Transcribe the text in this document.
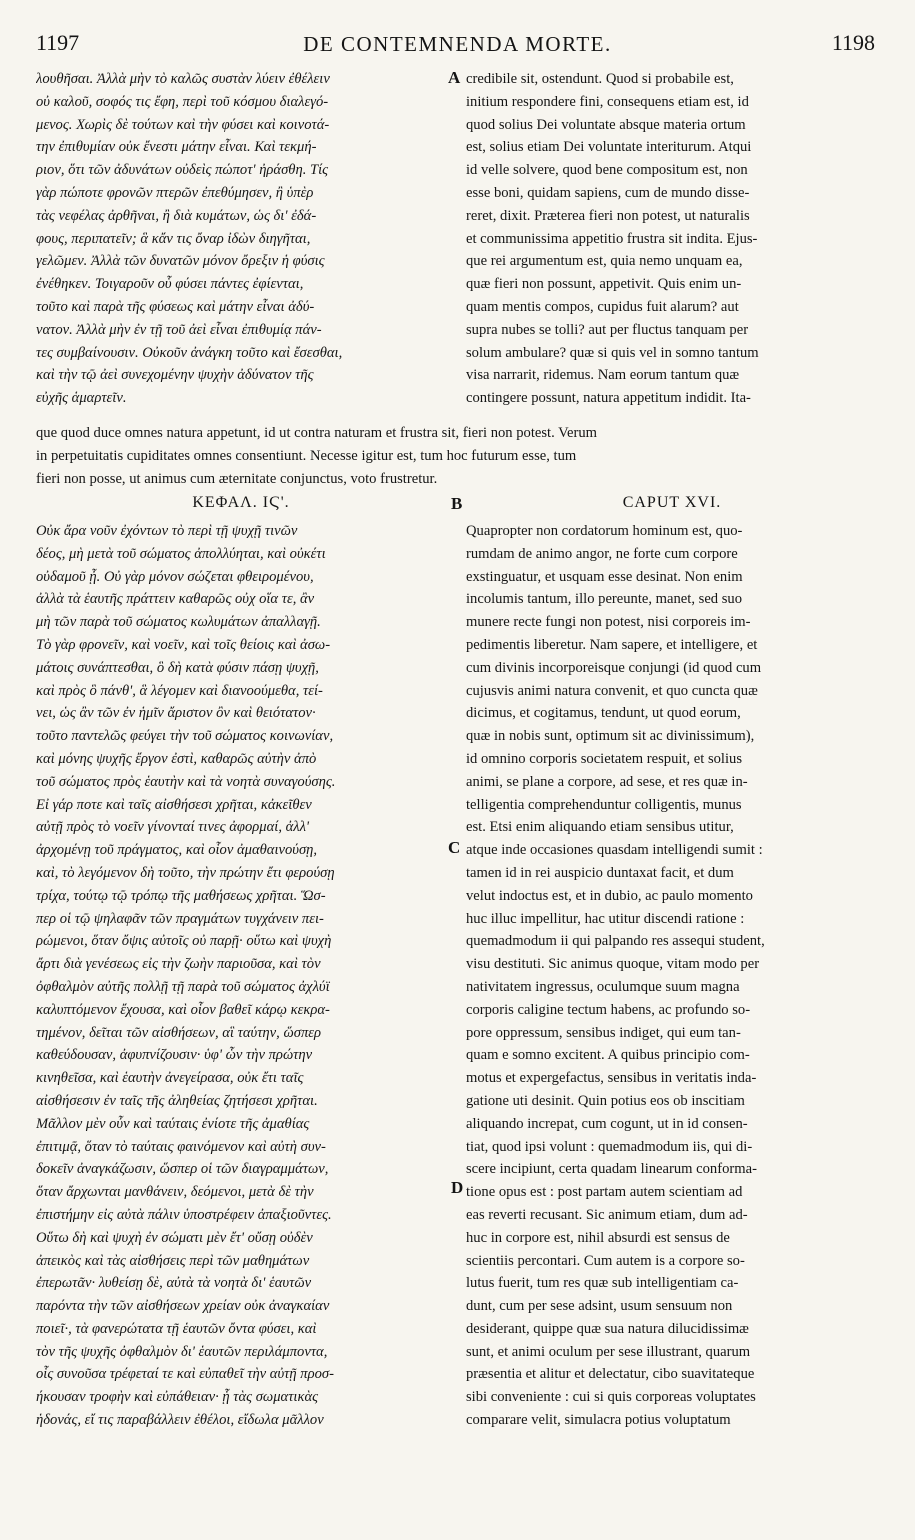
1197	DE CONTEMNENDA MORTE.	1198
λουθῆσαι. Ἀλλὰ μὴν τὸ καλῶς συστὰν λύειν ἐθέλειν
οὐ καλοῦ, σοφός τις ἔφη, περὶ τοῦ κόσμου διαλεγό-
μενος. Χωρὶς δὲ τούτων καὶ τὴν φύσει καὶ κοινοτά-
την ἐπιθυμίαν οὐκ ἔνεστι μάτην εἶναι. Καὶ τεκμή-
ριον, ὅτι τῶν ἀδυνάτων οὐδεὶς πώποτ' ἠράσθη. Τίς
γὰρ πώποτε φρονῶν πτερῶν ἐπεθύμησεν, ἢ ὑπὲρ
τὰς νεφέλας ἀρθῆναι, ἢ διὰ κυμάτων, ὡς δι' ἐδά-
φους, περιπατεῖν; ἃ κἄν τις ὄναρ ἰδὼν διηγῆται,
γελῶμεν. Ἀλλὰ τῶν δυνατῶν μόνον ὄρεξιν ἡ φύσις
ἐνέθηκεν. Τοιγαροῦν οὗ φύσει πάντες ἐφίενται,
τοῦτο καὶ παρὰ τῆς φύσεως καὶ μάτην εἶναι ἀδύ-
νατον. Ἀλλὰ μὴν ἐν τῇ τοῦ ἀεὶ εἶναι ἐπιθυμίᾳ πάν-
τες συμβαίνουσιν. Οὐκοῦν ἀνάγκη τοῦτο καὶ ἔσεσθαι,
καὶ τὴν τῷ ἀεὶ συνεχομένην ψυχὴν ἀδύνατον τῆς
εὐχῆς ἁμαρτεῖν.
credibile sit, ostendunt. Quod si probabile est,
initium respondere fini, consequens etiam est, id
quod solius Dei voluntate absque materia ortum
est, solius etiam Dei voluntate interiturum. Atqui
id velle solvere, quod bene compositum est, non
esse boni, quidam sapiens, cum de mundo disse-
reret, dixit. Præterea fieri non potest, ut naturalis
et communissima appetitio frustra sit indita. Ejus-
que rei argumentum est, quia nemo unquam ea,
quæ fieri non possunt, appetivit. Quis enim un-
quam mentis compos, cupidus fuit alarum? aut
supra nubes se tolli? aut per fluctus tanquam per
solum ambulare? quæ si quis vel in somno tantum
visa narrarit, ridemus. Nam eorum tantum quæ
contingere possunt, natura appetitum indidit. Ita-
que quod duce omnes natura appetunt, id ut contra naturam et frustra sit, fieri non potest. Verum
in perpetuitatis cupiditates omnes consentiunt. Necesse igitur est, tum hoc futurum esse, tum
fieri non posse, ut animus cum æternitate conjunctus, voto frustretur.
ΚΕΦΑΛ. ΙϚ'.	CAPUT XVI.
Οὐκ ἄρα νοῦν ἐχόντων τὸ περὶ τῇ ψυχῇ τινῶν
δέος, μὴ μετὰ τοῦ σώματος ἀπολλύηται, καὶ οὐκέτι
οὐδαμοῦ ᾖ. Οὐ γὰρ μόνον σώζεται φθειρομένου,
ἀλλὰ τὰ ἑαυτῆς πράττειν καθαρῶς οὐχ οἵα τε, ἂν
μὴ τῶν παρὰ τοῦ σώματος κωλυμάτων ἀπαλλαγῇ.
Τὸ γὰρ φρονεῖν, καὶ νοεῖν, καὶ τοῖς θείοις καὶ ἀσω-
μάτοις συνάπτεσθαι, ὃ δὴ κατὰ φύσιν πάσῃ ψυχῇ,
καὶ πρὸς ὃ πάνθ', ἃ λέγομεν καὶ διανοούμεθα, τεί-
νει, ὡς ἂν τῶν ἐν ἡμῖν ἄριστον ὂν καὶ θειότατον·
τοῦτο παντελῶς φεύγει τὴν τοῦ σώματος κοινωνίαν,
καὶ μόνης ψυχῆς ἔργον ἐστὶ, καθαρῶς αὐτὴν ἀπὸ
τοῦ σώματος πρὸς ἑαυτὴν καὶ τὰ νοητὰ συναγούσης.
Εἰ γάρ ποτε καὶ ταῖς αἰσθήσεσι χρῆται, κἀκεῖθεν
αὐτῇ πρὸς τὸ νοεῖν γίνονταί τινες ἀφορμαί, ἀλλ'
ἀρχομένῃ τοῦ πράγματος, καὶ οἷον ἀμαθαινούσῃ,
καὶ, τὸ λεγόμενον δὴ τοῦτο, τὴν πρώτην ἔτι φερούσῃ
τρίχα, τούτῳ τῷ τρόπῳ τῆς μαθήσεως χρῆται. Ὥσ-
περ οἱ τῷ ψηλαφᾶν τῶν πραγμάτων τυγχάνειν πει-
ρώμενοι, ὅταν ὄψις αὐτοῖς οὐ παρῇ· οὕτω καὶ ψυχὴ
ἄρτι διὰ γενέσεως εἰς τὴν ζωὴν παριοῦσα, καὶ τὸν
ὀφθαλμὸν αὐτῆς πολλῇ τῇ παρὰ τοῦ σώματος ἀχλύϊ
καλυπτόμενον ἔχουσα, καὶ οἷον βαθεῖ κάρῳ κεκρα-
τημένον, δεῖται τῶν αἰσθήσεων, αἳ ταύτην, ὥσπερ
καθεύδουσαν, ἀφυπνίζουσιν· ὑφ' ὧν τὴν πρώτην
κινηθεῖσα, καὶ ἑαυτὴν ἀνεγείρασα, οὐκ ἔτι ταῖς
αἰσθήσεσιν ἐν ταῖς τῆς ἀληθείας ζητήσεσι χρῆται.
Μᾶλλον μὲν οὖν καὶ ταύταις ἐνίοτε τῆς ἀμαθίας
ἐπιτιμᾷ, ὅταν τὸ ταύταις φαινόμενον καὶ αὐτὴ συν-
δοκεῖν ἀναγκάζωσιν, ὥσπερ οἱ τῶν διαγραμμάτων,
ὅταν ἄρχωνται μανθάνειν, δεόμενοι, μετὰ δὲ τὴν
ἐπιστήμην εἰς αὐτὰ πάλιν ὑποστρέφειν ἀπαξιοῦντες.
Οὕτω δὴ καὶ ψυχὴ ἐν σώματι μὲν ἔτ' οὔσῃ οὐδὲν
ἀπεικὸς καὶ τὰς αἰσθήσεις περὶ τῶν μαθημάτων
ἐπερωτᾶν· λυθείσῃ δὲ, αὐτὰ τὰ νοητὰ δι' ἑαυτῶν
παρόντα τὴν τῶν αἰσθήσεων χρείαν οὐκ ἀναγκαίαν
ποιεῖ·, τὰ φανερώτατα τῇ ἑαυτῶν ὄντα φύσει, καὶ
τὸν τῆς ψυχῆς ὀφθαλμὸν δι' ἑαυτῶν περιλάμποντα,
οἷς συνοῦσα τρέφεταί τε καὶ εὐπαθεῖ τὴν αὐτῇ προσ-
ήκουσαν τροφὴν καὶ εὐπάθειαν· ᾗ τὰς σωματικὰς
ἡδονάς, εἴ τις παραβάλλειν ἐθέλοι, εἴδωλα μᾶλλον
Quapropter non cordatorum hominum est, quo-
rumdam de animo angor, ne forte cum corpore
exstinguatur, et usquam esse desinat. Non enim
incolumis tantum, illo pereunte, manet, sed suo
munere recte fungi non potest, nisi corporeis im-
pedimentis liberetur. Nam sapere, et intelligere, et
cum divinis incorporeisque conjungi (id quod cum
cujusvis animi natura convenit, et quo cuncta quæ
dicimus, et cogitamus, tendunt, ut quod eorum,
quæ in nobis sunt, optimum sit ac divinissimum),
id omnino corporis societatem respuit, et solius
animi, se plane a corpore, ad sese, et res quæ in-
telligentia comprehenduntur colligentis, munus
est. Etsi enim aliquando etiam sensibus utitur,
atque inde occasiones quasdam intelligendi sumit :
tamen id in rei auspicio duntaxat facit, et dum
velut indoctus est, et in dubio, ac paulo momento
huc illuc impellitur, hac utitur discendi ratione :
quemadmodum ii qui palpando res assequi student,
visu destituti. Sic animus quoque, vitam modo per
nativitatem ingressus, oculumque suum magna
corporis caligine tectum habens, ac profundo so-
pore oppressum, sensibus indiget, qui eum tan-
quam e somno excitent. A quibus principio com-
motus et expergefactus, sensibus in veritatis inda-
gatione uti desinit. Quin potius eos ob inscitiam
aliquando increpat, cum cogunt, ut in id consen-
tiat, quod ipsi volunt : quemadmodum iis, qui di-
scere incipiunt, certa quadam linearum conforma-
tione opus est : post partam autem scientiam ad
eas reverti recusant. Sic animum etiam, dum ad-
huc in corpore est, nihil absurdi est sensus de
scientiis percontari. Cum autem is a corpore so-
lutus fuerit, tum res quæ sub intelligentiam ca-
dunt, cum per sese adsint, usum sensuum non
desiderant, quippe quæ sua natura dilucidissimæ
sunt, et animi oculum per sese illustrant, quarum
præsentia et alitur et delectatur, cibo suavitateque
sibi conveniente : cui si quis corporeas voluptates
comparare velit, simulacra potius voluptatum
A
B
C
D
